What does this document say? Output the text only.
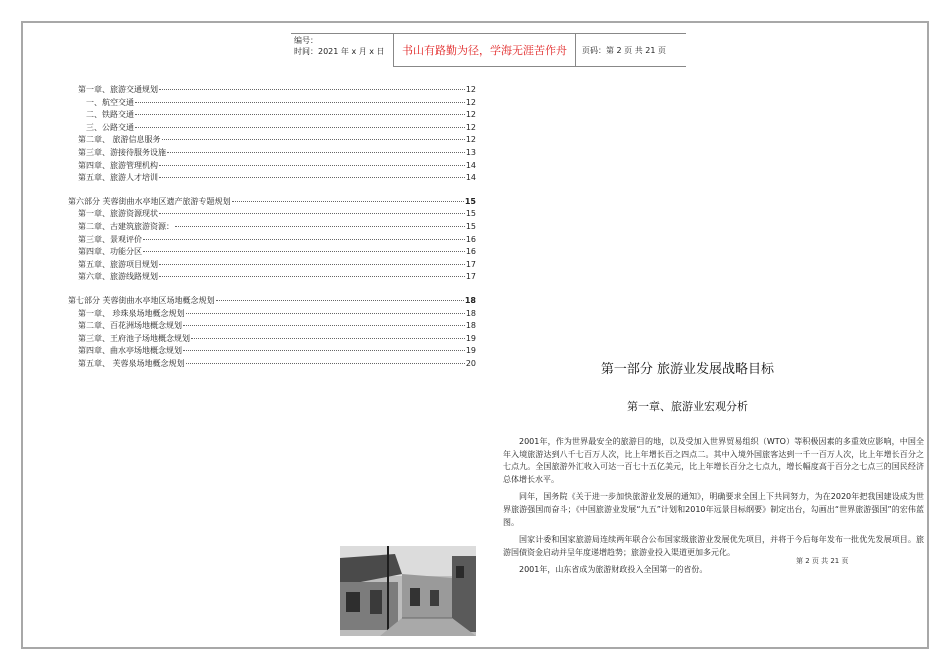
编号：
时间：2021 年 x 月 x 日	书山有路勤为径，学海无涯苦作舟	页码：第 2 页 共 21 页
第一章、旅游交通规划	12
一、航空交通	12
二、铁路交通	12
三、公路交通	12
第二章、 旅游信息服务	12
第三章、游接待服务设施	13
第四章、旅游管理机构	14
第五章、旅游人才培训	14
第六部分 芙蓉街曲水亭地区遗产旅游专题规划	15
第一章、旅游资源现状	15
第二章、古建筑旅游资源：	15
第三章、景观评价	16
第四章、功能分区	16
第五章、旅游项目规划	17
第六章、旅游线路规划	17
第七部分 芙蓉街曲水亭地区场地概念规划	18
第一章、 珍珠泉场地概念规划	18
第二章、百花洲场地概念规划	18
第三章、王府池子场地概念规划	19
第四章、曲水亭场地概念规划	19
第五章、 芙蓉泉场地概念规划	20	第一部分 旅游业发展战略目标
第一章、旅游业宏观分析

2001年，作为世界最安全的旅游目的地，以及受加入世界贸易组织（WTO）等积极因素的多重效应影响，中国全年入境旅游达到八千七百万人次，比上年增长百之四点二。其中入境外国旅客达到一千一百万人次，比上年增长百分之七点九。全国旅游外汇收入可达一百七十五亿美元，比上年增长百分之七点九，增长幅度高于百分之七点三的国民经济总体增长水平。

同年，国务院《关于进一步加快旅游业发展的通知》，明确要求全国上下共同努力，为在2020年把我国建设成为世界旅游强国而奋斗；《中国旅游业发展“九五”计划和2010年远景目标纲要》制定出台，勾画出“世界旅游强国”的宏伟蓝图。

国家计委和国家旅游局连续两年联合公布国家级旅游业发展优先项目，并将于今后每年发布一批优先发展项目。旅游国债资金启动并呈年度递增趋势；旅游业投入渠道更加多元化。

2001年，山东省成为旅游财政投入全国第一的省份。

第 2 页 共 21 页
